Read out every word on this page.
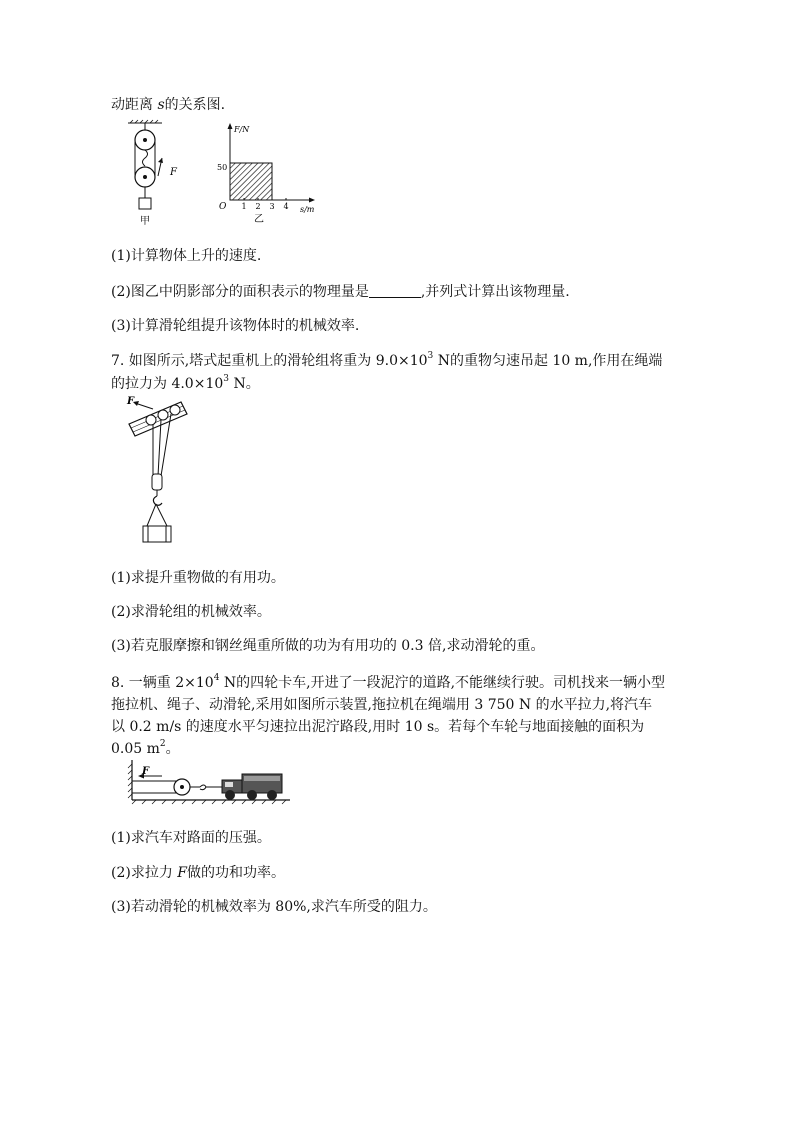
动距离 s的关系图.
F
甲
F/N
s/m
O
50
1 2 3 4
乙
(1)计算物体上升的速度.
(2)图乙中阴影部分的面积表示的物理量是	,并列式计算出该物理量.
(3)计算滑轮组提升该物体时的机械效率.
7. 如图所示,塔式起重机上的滑轮组将重为 $9.0\times 10^3$ N的重物匀速吊起 10 m,作用在绳端
的拉力为 $4.0\times 10^3$ N。
F
(1)求提升重物做的有用功。
(2)求滑轮组的机械效率。
(3)若克服摩擦和钢丝绳重所做的功为有用功的 0.3 倍,求动滑轮的重。
8. 一辆重 $2\times 10^4$ N的四轮卡车,开进了一段泥泞的道路,不能继续行驶。司机找来一辆小型
拖拉机、绳子、动滑轮,采用如图所示装置,拖拉机在绳端用 3 750 N 的水平拉力,将汽车
以 0.2 m/s 的速度水平匀速拉出泥泞路段,用时 10 s。若每个车轮与地面接触的面积为
0.05 $m^2$。
F
(1)求汽车对路面的压强。
(2)求拉力 F做的功和功率。
(3)若动滑轮的机械效率为 80%,求汽车所受的阻力。
